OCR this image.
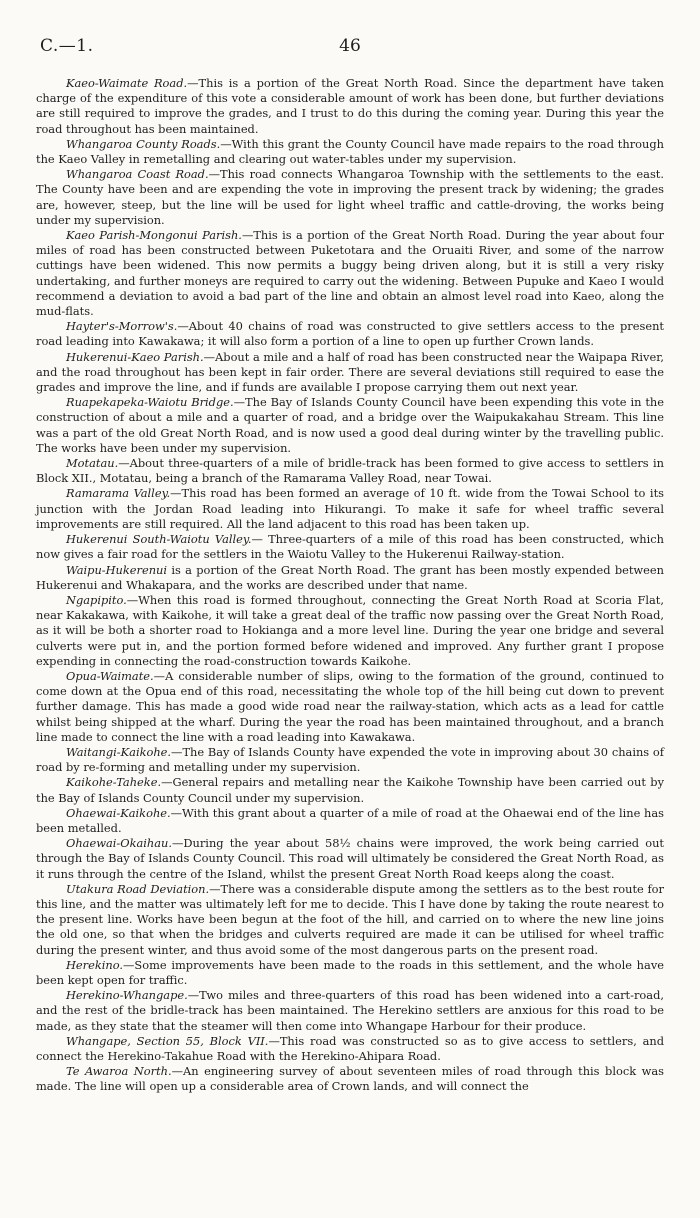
C.—1.	46

Kaeo-Waimate Road.—This is a portion of the Great North Road. Since the department have taken charge of the expenditure of this vote a considerable amount of work has been done, but further deviations are still required to improve the grades, and I trust to do this during the coming year. During this year the road throughout has been maintained.

Whangaroa County Roads.—With this grant the County Council have made repairs to the road through the Kaeo Valley in remetalling and clearing out water-tables under my supervision.

Whangaroa Coast Road.—This road connects Whangaroa Township with the settlements to the east. The County have been and are expending the vote in improving the present track by widening; the grades are, however, steep, but the line will be used for light wheel traffic and cattle-droving, the works being under my supervision.

Kaeo Parish-Mongonui Parish.—This is a portion of the Great North Road. During the year about four miles of road has been constructed between Puketotara and the Oruaiti River, and some of the narrow cuttings have been widened. This now permits a buggy being driven along, but it is still a very risky undertaking, and further moneys are required to carry out the widening. Between Pupuke and Kaeo I would recommend a deviation to avoid a bad part of the line and obtain an almost level road into Kaeo, along the mud-flats.

Hayter's-Morrow's.—About 40 chains of road was constructed to give settlers access to the present road leading into Kawakawa; it will also form a portion of a line to open up further Crown lands.

Hukerenui-Kaeo Parish.—About a mile and a half of road has been constructed near the Waipapa River, and the road throughout has been kept in fair order. There are several deviations still required to ease the grades and improve the line, and if funds are available I propose carrying them out next year.

Ruapekapeka-Waiotu Bridge.—The Bay of Islands County Council have been expending this vote in the construction of about a mile and a quarter of road, and a bridge over the Waipukakahau Stream. This line was a part of the old Great North Road, and is now used a good deal during winter by the travelling public. The works have been under my supervision.

Motatau.—About three-quarters of a mile of bridle-track has been formed to give access to settlers in Block XII., Motatau, being a branch of the Ramarama Valley Road, near Towai.

Ramarama Valley.—This road has been formed an average of 10 ft. wide from the Towai School to its junction with the Jordan Road leading into Hikurangi. To make it safe for wheel traffic several improvements are still required. All the land adjacent to this road has been taken up.

Hukerenui South-Waiotu Valley.— Three-quarters of a mile of this road has been constructed, which now gives a fair road for the settlers in the Waiotu Valley to the Hukerenui Railway-station.

Waipu-Hukerenui is a portion of the Great North Road. The grant has been mostly expended between Hukerenui and Whakapara, and the works are described under that name.

Ngapipito.—When this road is formed throughout, connecting the Great North Road at Scoria Flat, near Kakakawa, with Kaikohe, it will take a great deal of the traffic now passing over the Great North Road, as it will be both a shorter road to Hokianga and a more level line. During the year one bridge and several culverts were put in, and the portion formed before widened and improved. Any further grant I propose expending in connecting the road-construction towards Kaikohe.

Opua-Waimate.—A considerable number of slips, owing to the formation of the ground, continued to come down at the Opua end of this road, necessitating the whole top of the hill being cut down to prevent further damage. This has made a good wide road near the railway-station, which acts as a lead for cattle whilst being shipped at the wharf. During the year the road has been maintained throughout, and a branch line made to connect the line with a road leading into Kawakawa.

Waitangi-Kaikohe.—The Bay of Islands County have expended the vote in improving about 30 chains of road by re-forming and metalling under my supervision.

Kaikohe-Taheke.—General repairs and metalling near the Kaikohe Township have been carried out by the Bay of Islands County Council under my supervision.

Ohaewai-Kaikohe.—With this grant about a quarter of a mile of road at the Ohaewai end of the line has been metalled.

Ohaewai-Okaihau.—During the year about 58½ chains were improved, the work being carried out through the Bay of Islands County Council. This road will ultimately be considered the Great North Road, as it runs through the centre of the Island, whilst the present Great North Road keeps along the coast.

Utakura Road Deviation.—There was a considerable dispute among the settlers as to the best route for this line, and the matter was ultimately left for me to decide. This I have done by taking the route nearest to the present line. Works have been begun at the foot of the hill, and carried on to where the new line joins the old one, so that when the bridges and culverts required are made it can be utilised for wheel traffic during the present winter, and thus avoid some of the most dangerous parts on the present road.

Herekino.—Some improvements have been made to the roads in this settlement, and the whole have been kept open for traffic.

Herekino-Whangape.—Two miles and three-quarters of this road has been widened into a cart-road, and the rest of the bridle-track has been maintained. The Herekino settlers are anxious for this road to be made, as they state that the steamer will then come into Whangape Harbour for their produce.

Whangape, Section 55, Block VII.—This road was constructed so as to give access to settlers, and connect the Herekino-Takahue Road with the Herekino-Ahipara Road.

Te Awaroa North.—An engineering survey of about seventeen miles of road through this block was made. The line will open up a considerable area of Crown lands, and will connect the
